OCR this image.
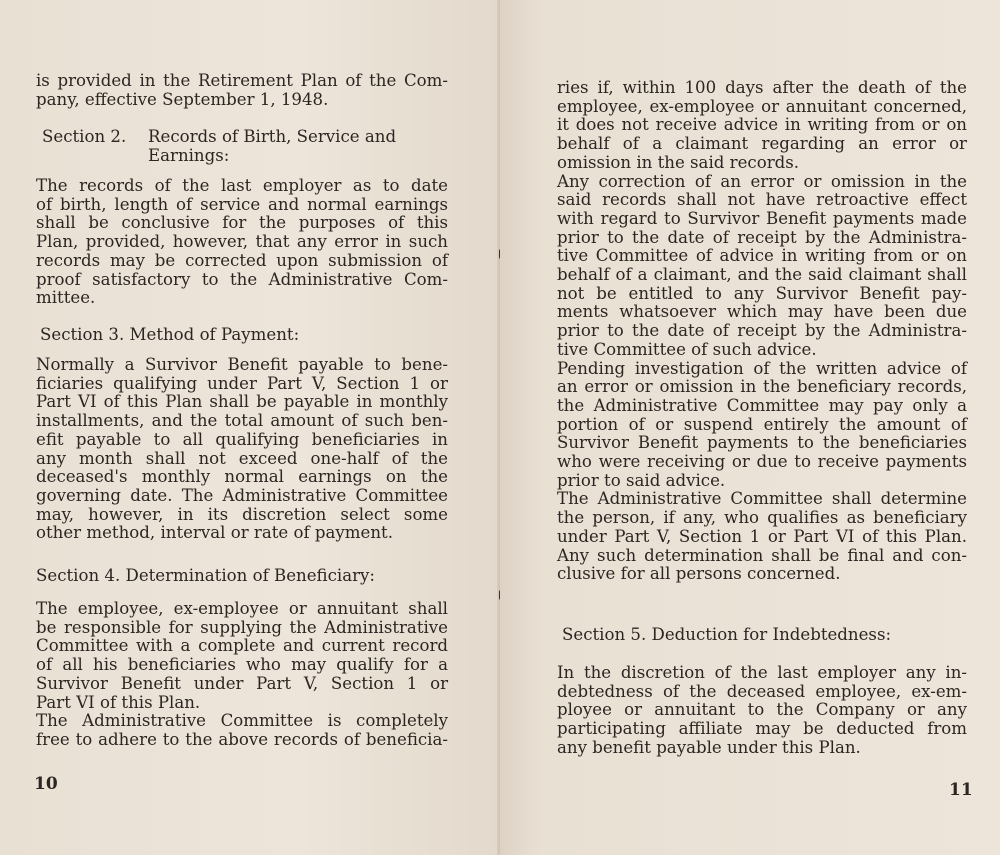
is provided in the Retirement Plan of the Com-
pany, effective September 1, 1948.
Section 2. Records of Birth, Service and
Earnings:
The records of the last employer as to date
of birth, length of service and normal earnings
shall be conclusive for the purposes of this
Plan, provided, however, that any error in such
records may be corrected upon submission of
proof satisfactory to the Administrative Com-
mittee.
Section 3. Method of Payment:
Normally a Survivor Benefit payable to bene-
ficiaries qualifying under Part V, Section 1 or
Part VI of this Plan shall be payable in monthly
installments, and the total amount of such ben-
efit payable to all qualifying beneficiaries in
any month shall not exceed one-half of the
deceased's monthly normal earnings on the
governing date. The Administrative Committee
may, however, in its discretion select some
other method, interval or rate of payment.
Section 4. Determination of Beneficiary:
The employee, ex-employee or annuitant shall
be responsible for supplying the Administrative
Committee with a complete and current record
of all his beneficiaries who may qualify for a
Survivor Benefit under Part V, Section 1 or
Part VI of this Plan.
The Administrative Committee is completely
free to adhere to the above records of beneficia-
10
ries if, within 100 days after the death of the
employee, ex-employee or annuitant concerned,
it does not receive advice in writing from or on
behalf of a claimant regarding an error or
omission in the said records.
Any correction of an error or omission in the
said records shall not have retroactive effect
with regard to Survivor Benefit payments made
prior to the date of receipt by the Administra-
tive Committee of advice in writing from or on
behalf of a claimant, and the said claimant shall
not be entitled to any Survivor Benefit pay-
ments whatsoever which may have been due
prior to the date of receipt by the Administra-
tive Committee of such advice.
Pending investigation of the written advice of
an error or omission in the beneficiary records,
the Administrative Committee may pay only a
portion of or suspend entirely the amount of
Survivor Benefit payments to the beneficiaries
who were receiving or due to receive payments
prior to said advice.
The Administrative Committee shall determine
the person, if any, who qualifies as beneficiary
under Part V, Section 1 or Part VI of this Plan.
Any such determination shall be final and con-
clusive for all persons concerned.
Section 5. Deduction for Indebtedness:
In the discretion of the last employer any in-
debtedness of the deceased employee, ex-em-
ployee or annuitant to the Company or any
participating affiliate may be deducted from
any benefit payable under this Plan.
11
